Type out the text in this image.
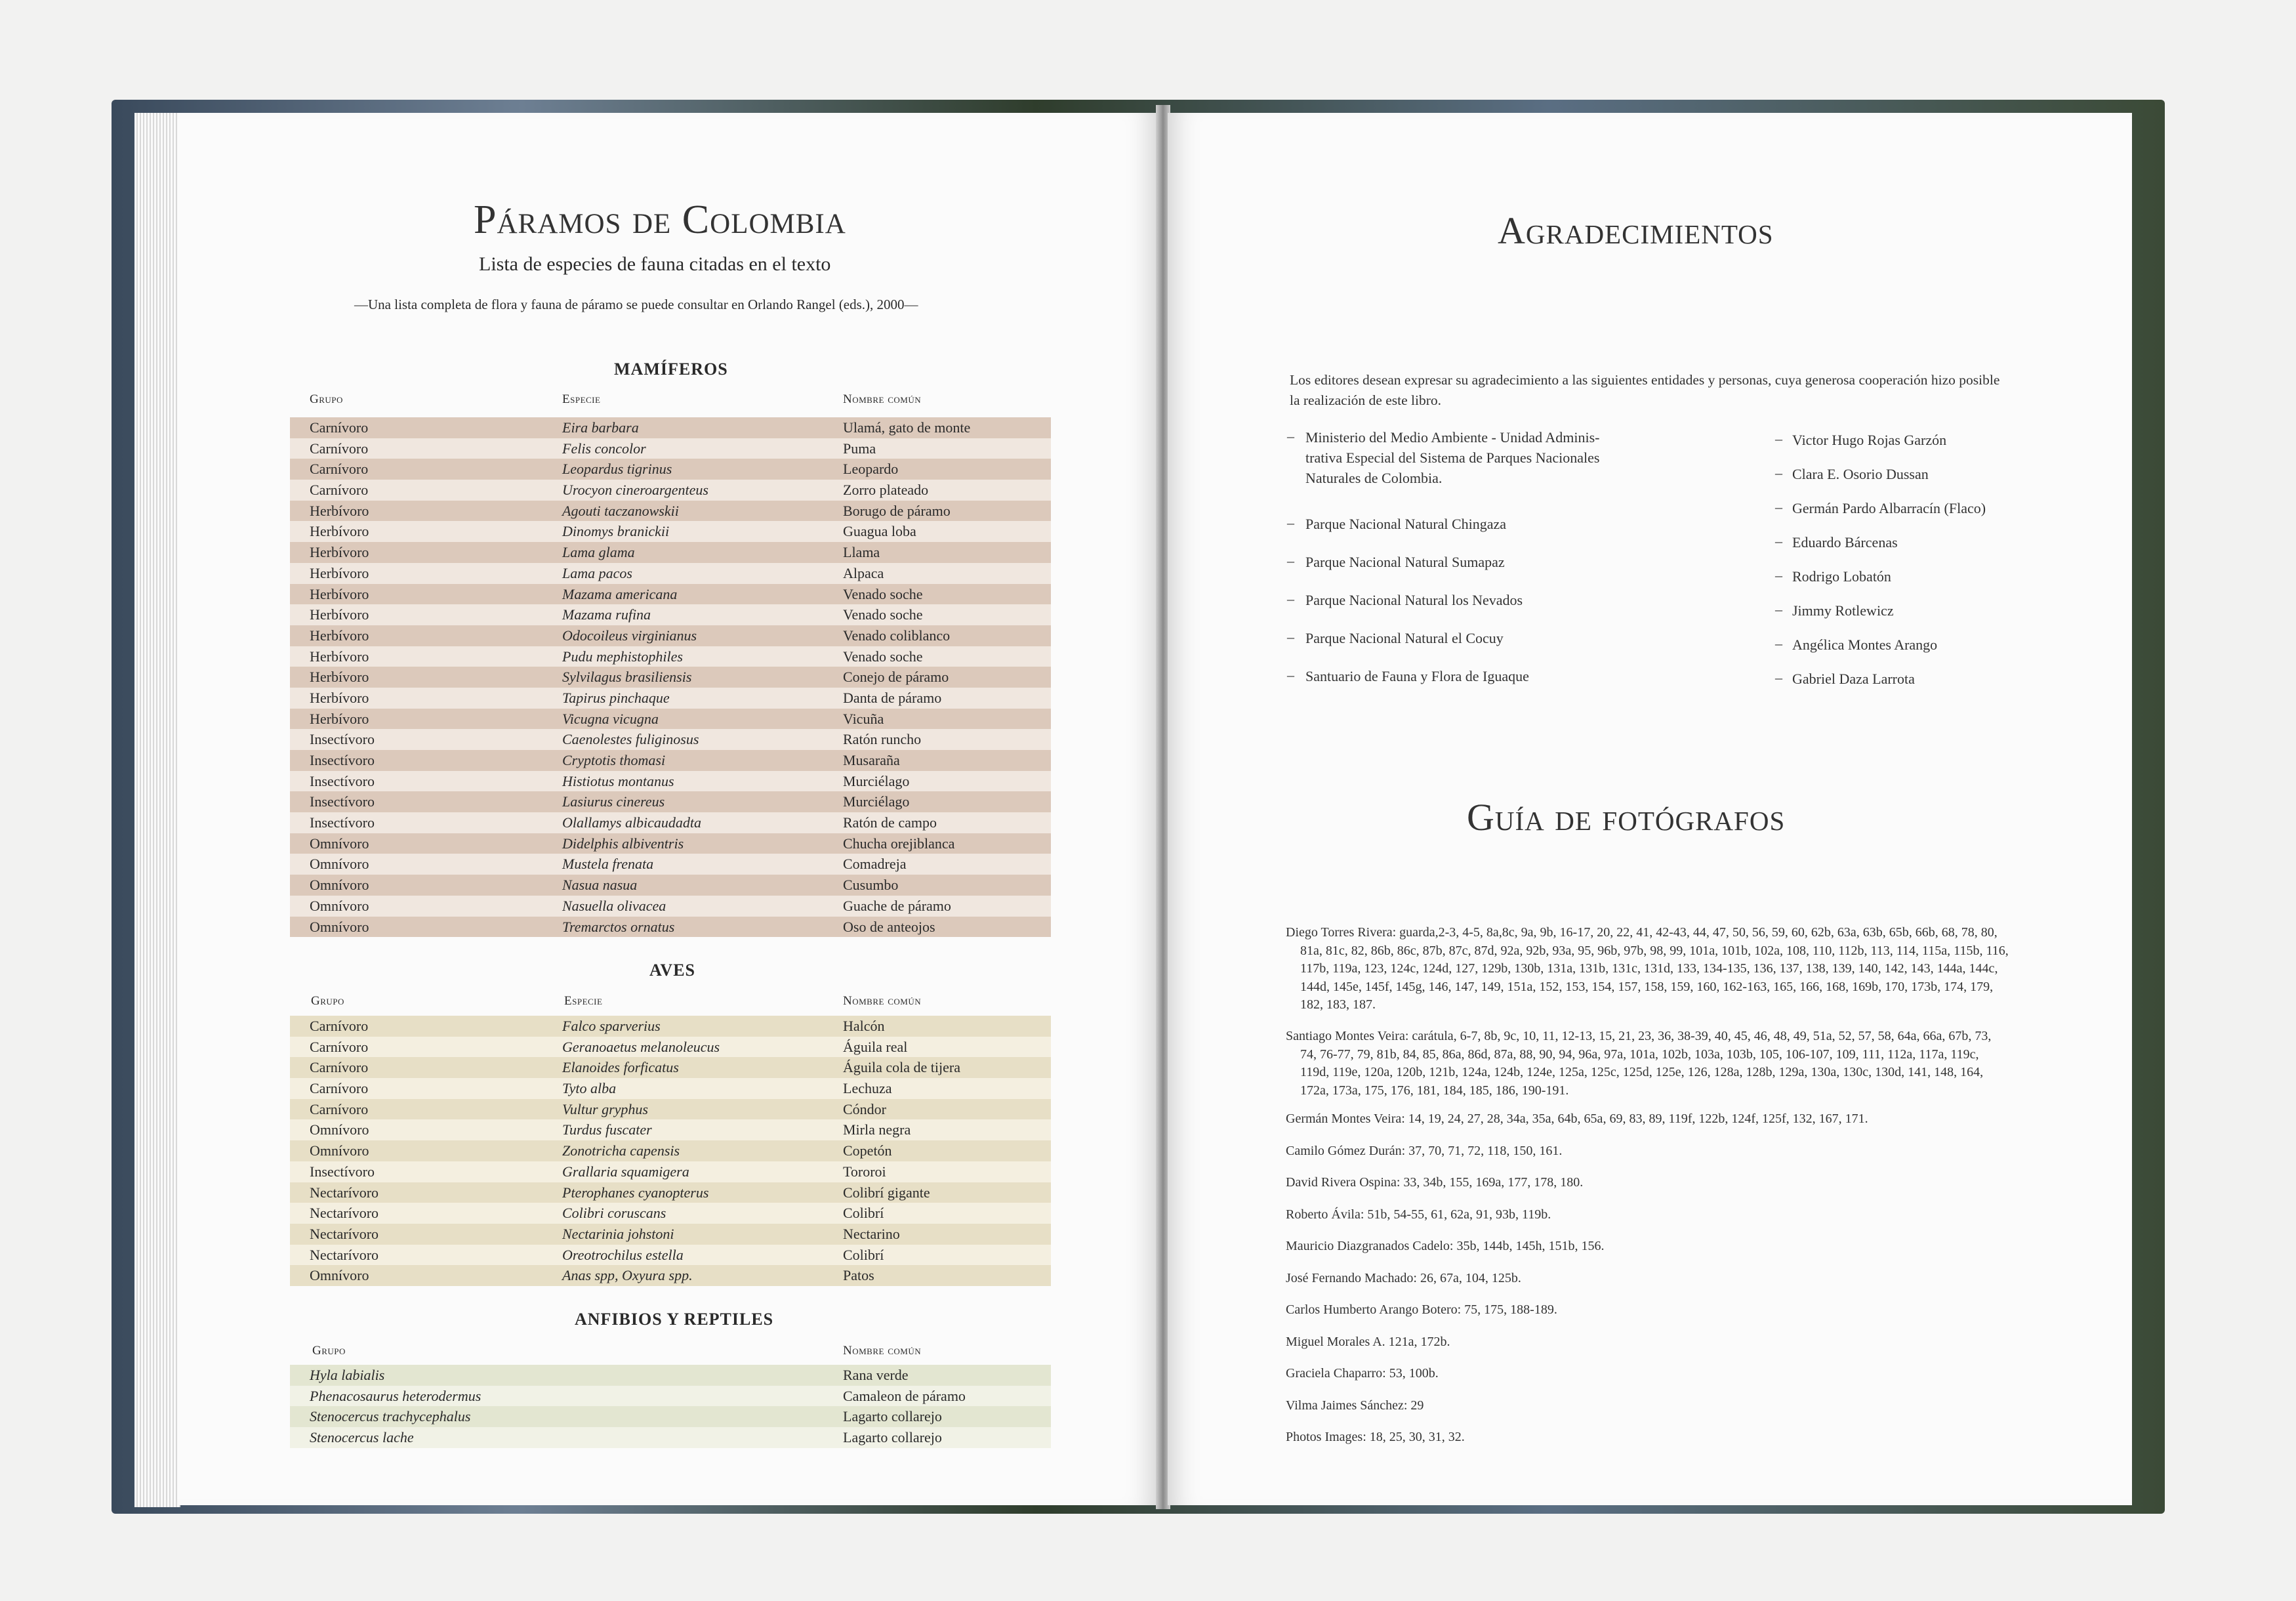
Páramos de Colombia
Lista de especies de fauna citadas en el texto
—Una lista completa de flora y fauna de páramo se puede consultar en Orlando Rangel (eds.), 2000—
MAMÍFEROS
Grupo	Especie	Nombre común
Carnívoro	Eira barbara	Ulamá, gato de monte
Carnívoro	Felis concolor	Puma
Carnívoro	Leopardus tigrinus	Leopardo
Carnívoro	Urocyon cineroargenteus	Zorro plateado
Herbívoro	Agouti taczanowskii	Borugo de páramo
Herbívoro	Dinomys branickii	Guagua loba
Herbívoro	Lama glama	Llama
Herbívoro	Lama pacos	Alpaca
Herbívoro	Mazama americana	Venado soche
Herbívoro	Mazama rufina	Venado soche
Herbívoro	Odocoileus virginianus	Venado coliblanco
Herbívoro	Pudu mephistophiles	Venado soche
Herbívoro	Sylvilagus brasiliensis	Conejo de páramo
Herbívoro	Tapirus pinchaque	Danta de páramo
Herbívoro	Vicugna vicugna	Vicuña
Insectívoro	Caenolestes fuliginosus	Ratón runcho
Insectívoro	Cryptotis thomasi	Musaraña
Insectívoro	Histiotus montanus	Murciélago
Insectívoro	Lasiurus cinereus	Murciélago
Insectívoro	Olallamys albicaudadta	Ratón de campo
Omnívoro	Didelphis albiventris	Chucha orejiblanca
Omnívoro	Mustela frenata	Comadreja
Omnívoro	Nasua nasua	Cusumbo
Omnívoro	Nasuella olivacea	Guache de páramo
Omnívoro	Tremarctos ornatus	Oso de anteojos
AVES
Grupo	Especie	Nombre común
Carnívoro	Falco sparverius	Halcón
Carnívoro	Geranoaetus melanoleucus	Águila real
Carnívoro	Elanoides forficatus	Águila cola de tijera
Carnívoro	Tyto alba	Lechuza
Carnívoro	Vultur gryphus	Cóndor
Omnívoro	Turdus fuscater	Mirla negra
Omnívoro	Zonotricha capensis	Copetón
Insectívoro	Grallaria squamigera	Tororoi
Nectarívoro	Pterophanes cyanopterus	Colibrí gigante
Nectarívoro	Colibri coruscans	Colibrí
Nectarívoro	Nectarinia johstoni	Nectarino
Nectarívoro	Oreotrochilus estella	Colibrí
Omnívoro	Anas spp, Oxyura spp.	Patos
ANFIBIOS Y REPTILES
Grupo	Nombre común
Hyla labialis	Rana verde
Phenacosaurus heterodermus	Camaleon de páramo
Stenocercus trachycephalus	Lagarto collarejo
Stenocercus lache	Lagarto collarejo
Agradecimientos
Los editores desean expresar su agradecimiento a las siguientes entidades y personas, cuya generosa cooperación hizo posible la realización de este libro.
– Ministerio del Medio Ambiente - Unidad Adminis-
trativa Especial del Sistema de Parques Nacionales
Naturales de Colombia.
– Parque Nacional Natural Chingaza
– Parque Nacional Natural Sumapaz
– Parque Nacional Natural los Nevados
– Parque Nacional Natural el Cocuy
– Santuario de Fauna y Flora de Iguaque
– Victor Hugo Rojas Garzón
– Clara E. Osorio Dussan
– Germán Pardo Albarracín (Flaco)
– Eduardo Bárcenas
– Rodrigo Lobatón
– Jimmy Rotlewicz
– Angélica Montes Arango
– Gabriel Daza Larrota
Guía de fotógrafos
Diego Torres Rivera: guarda,2-3, 4-5, 8a,8c, 9a, 9b, 16-17, 20, 22, 41, 42-43, 44, 47, 50, 56, 59, 60, 62b, 63a, 63b, 65b, 66b, 68, 78, 80, 81a, 81c, 82, 86b, 86c, 87b, 87c, 87d, 92a, 92b, 93a, 95, 96b, 97b, 98, 99, 101a, 101b, 102a, 108, 110, 112b, 113, 114, 115a, 115b, 116, 117b, 119a, 123, 124c, 124d, 127, 129b, 130b, 131a, 131b, 131c, 131d, 133, 134-135, 136, 137, 138, 139, 140, 142, 143, 144a, 144c, 144d, 145e, 145f, 145g, 146, 147, 149, 151a, 152, 153, 154, 157, 158, 159, 160, 162-163, 165, 166, 168, 169b, 170, 173b, 174, 179, 182, 183, 187.
Santiago Montes Veira: carátula, 6-7, 8b, 9c, 10, 11, 12-13, 15, 21, 23, 36, 38-39, 40, 45, 46, 48, 49, 51a, 52, 57, 58, 64a, 66a, 67b, 73, 74, 76-77, 79, 81b, 84, 85, 86a, 86d, 87a, 88, 90, 94, 96a, 97a, 101a, 102b, 103a, 103b, 105, 106-107, 109, 111, 112a, 117a, 119c, 119d, 119e, 120a, 120b, 121b, 124a, 124b, 124e, 125a, 125c, 125d, 125e, 126, 128a, 128b, 129a, 130a, 130c, 130d, 141, 148, 164, 172a, 173a, 175, 176, 181, 184, 185, 186, 190-191.
Germán Montes Veira: 14, 19, 24, 27, 28, 34a, 35a, 64b, 65a, 69, 83, 89, 119f, 122b, 124f, 125f, 132, 167, 171.
Camilo Gómez Durán: 37, 70, 71, 72, 118, 150, 161.
David Rivera Ospina: 33, 34b, 155, 169a, 177, 178, 180.
Roberto Ávila: 51b, 54-55, 61, 62a, 91, 93b, 119b.
Mauricio Diazgranados Cadelo: 35b, 144b, 145h, 151b, 156.
José Fernando Machado: 26, 67a, 104, 125b.
Carlos Humberto Arango Botero: 75, 175, 188-189.
Miguel Morales A. 121a, 172b.
Graciela Chaparro: 53, 100b.
Vilma Jaimes Sánchez: 29
Photos Images: 18, 25, 30, 31, 32.
